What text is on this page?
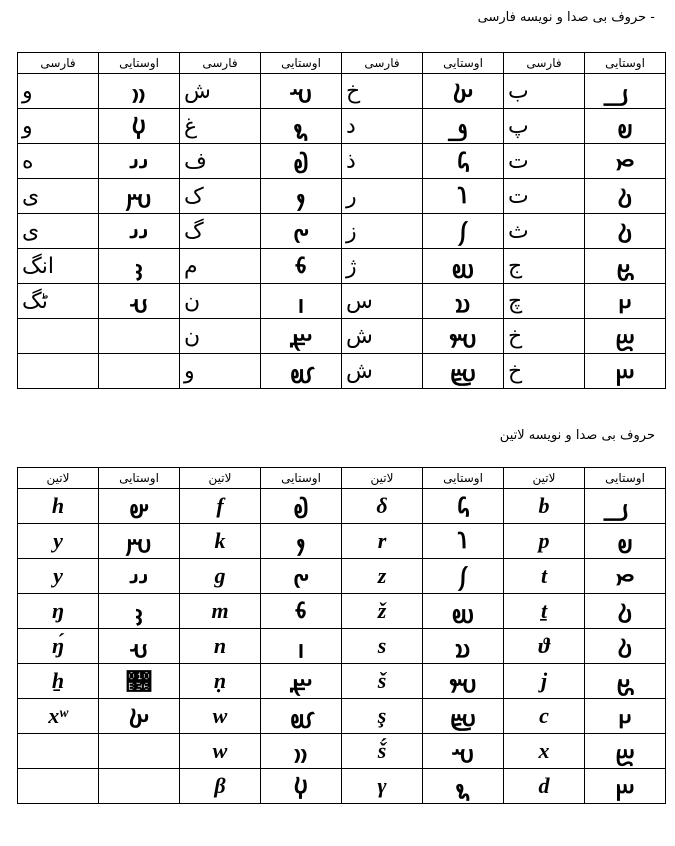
- حروف بی صدا و نویسه فارسی
اوستایی	فارسی	اوستایی	فارسی	اوستایی	فارسی	اوستایی	فارسی
𐬠	ب	𐬑	خ	𐬱	ش	𐬎𐬎	و
𐬞	پ	𐬛	د	𐬖	غ	𐬬	و
𐬙	ت	𐬜	ذ	𐬟	ف	𐬌𐬌	ه
𐬚	ت	𐬭	ر	𐬐	ک	𐬫	ی
𐬚	ث	𐬰	ز	𐬔	گ	𐬌𐬌	ی
𐬘	ج	𐬲	ژ	𐬨	م	𐬢	انگ
𐬗	چ	𐬯	س	𐬥	ن	𐬣	ڻگ
𐬒	خ	𐬳	ش	𐬧	ن		
𐬓	خ	𐬴	ش	𐬡	و		
حروف بی صدا و نویسه لاتین
اوستایی	لاتین	اوستایی	لاتین	اوستایی	لاتین	اوستایی	لاتین
𐬠	b	𐬜	δ	𐬟	f	𐬵	h
𐬞	p	𐬭	r	𐬐	k	𐬫	y
𐬙	t	𐬰	z	𐬔	g	𐬌𐬌	y
𐬚	ṯ	𐬲	ž	𐬨	m	𐬢	ŋ
𐬚	ϑ	𐬯	s	𐬥	n	𐬣	ŋ́
𐬘	j	𐬳	š	𐬧	ṇ	𐬶	ẖ
𐬗	c	𐬴	ş	𐬡	w	𐬑	xʷ
𐬒	x	𐬱	š́	𐬎𐬎	w		
𐬓	d	𐬖	γ	𐬬	β		
